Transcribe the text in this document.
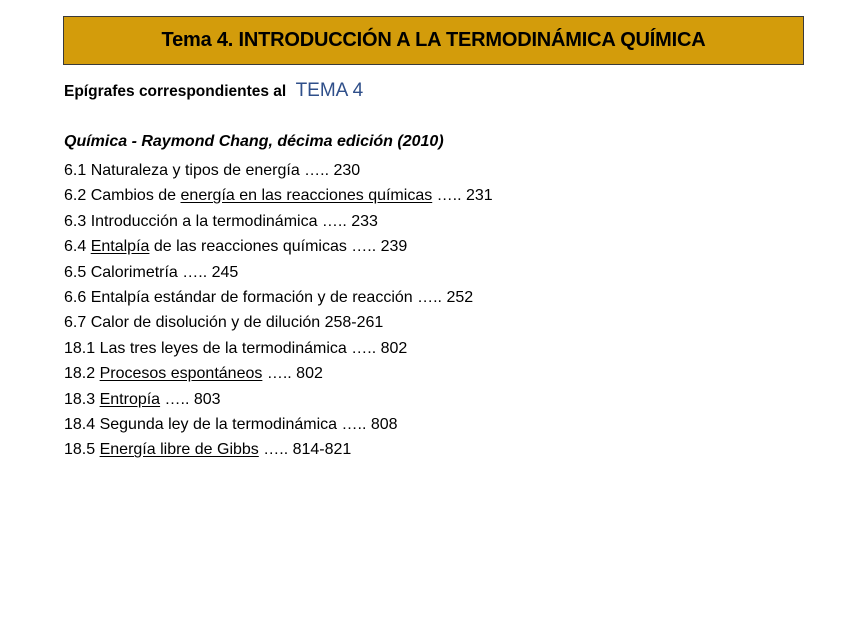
Tema 4. INTRODUCCIÓN A LA TERMODINÁMICA QUÍMICA
Epígrafes correspondientes al TEMA 4
Química - Raymond Chang, décima edición (2010)
6.1 Naturaleza y tipos de energía ….. 230
6.2 Cambios de energía en las reacciones químicas ….. 231
6.3 Introducción a la termodinámica ….. 233
6.4 Entalpía de las reacciones químicas ….. 239
6.5 Calorimetría ….. 245
6.6 Entalpía estándar de formación y de reacción ….. 252
6.7 Calor de disolución y de dilución 258-261
18.1 Las tres leyes de la termodinámica ….. 802
18.2 Procesos espontáneos ….. 802
18.3 Entropía ….. 803
18.4 Segunda ley de la termodinámica ….. 808
18.5 Energía libre de Gibbs ….. 814-821
